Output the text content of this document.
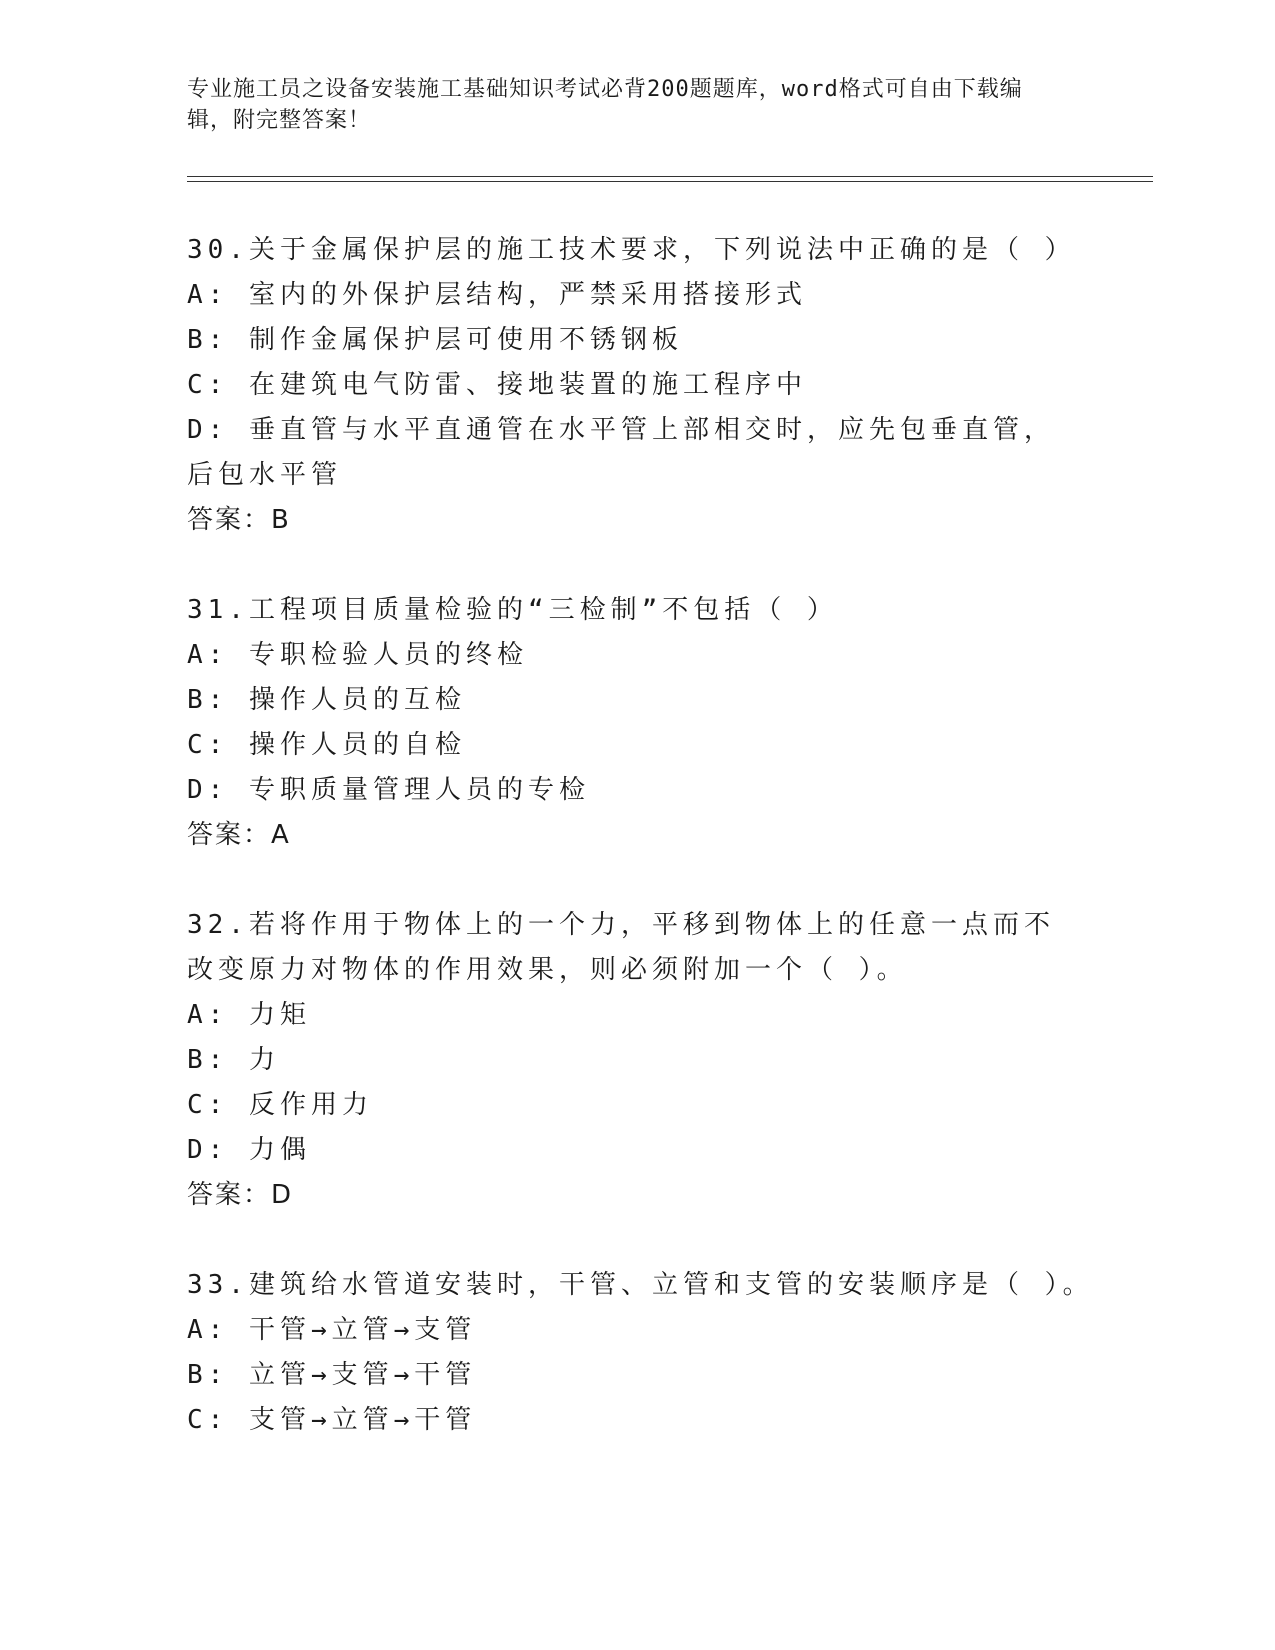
专业施工员之设备安装施工基础知识考试必背200题题库，word格式可自由下载编辑，附完整答案！
30.关于金属保护层的施工技术要求，下列说法中正确的是（ ）
A: 室内的外保护层结构，严禁采用搭接形式
B: 制作金属保护层可使用不锈钢板
C: 在建筑电气防雷、接地装置的施工程序中
D: 垂直管与水平直通管在水平管上部相交时，应先包垂直管，后包水平管
答案：B
31.工程项目质量检验的“三检制”不包括（ ）
A: 专职检验人员的终检
B: 操作人员的互检
C: 操作人员的自检
D: 专职质量管理人员的专检
答案：A
32.若将作用于物体上的一个力，平移到物体上的任意一点而不改变原力对物体的作用效果，则必须附加一个（ ）。
A: 力矩
B: 力
C: 反作用力
D: 力偶
答案：D
33.建筑给水管道安装时，干管、立管和支管的安装顺序是（ ）。
A: 干管→立管→支管
B: 立管→支管→干管
C: 支管→立管→干管
